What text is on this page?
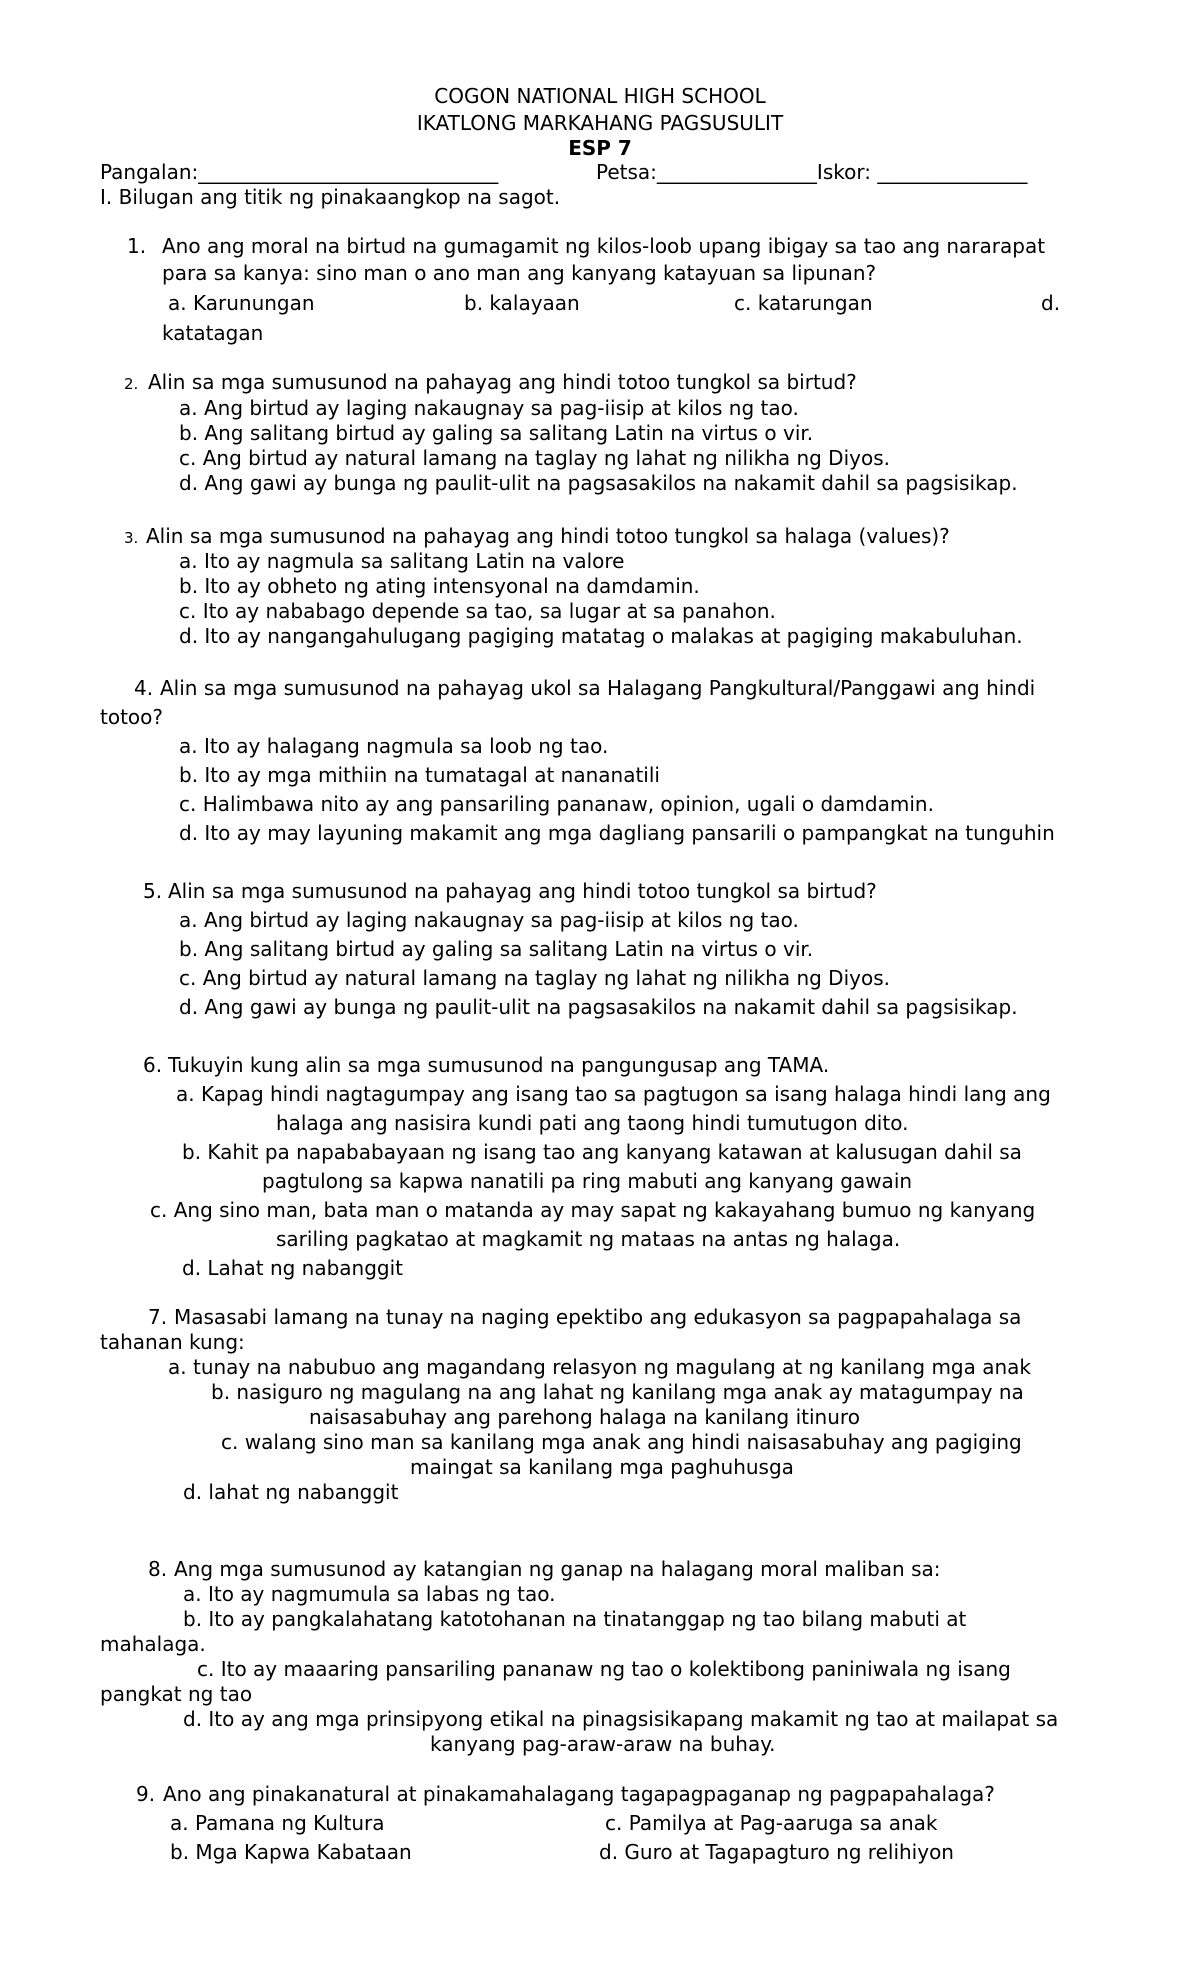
COGON NATIONAL HIGH SCHOOL
IKATLONG MARKAHANG PAGSUSULIT
ESP 7
Pangalan:______________________________	Petsa:________________Iskor: _______________
I. Bilugan ang titik ng pinakaangkop na sagot.
1. Ano ang moral na birtud na gumagamit ng kilos-loob upang ibigay sa tao ang nararapat
para sa kanya: sino man o ano man ang kanyang katayuan sa lipunan?
a. Karunungan	b. kalayaan	c. katarungan	d.
katatagan
2. Alin sa mga sumusunod na pahayag ang hindi totoo tungkol sa birtud?
a. Ang birtud ay laging nakaugnay sa pag-iisip at kilos ng tao.
b. Ang salitang birtud ay galing sa salitang Latin na virtus o vir.
c. Ang birtud ay natural lamang na taglay ng lahat ng nilikha ng Diyos.
d. Ang gawi ay bunga ng paulit-ulit na pagsasakilos na nakamit dahil sa pagsisikap.
3. Alin sa mga sumusunod na pahayag ang hindi totoo tungkol sa halaga (values)?
a. Ito ay nagmula sa salitang Latin na valore
b. Ito ay obheto ng ating intensyonal na damdamin.
c. Ito ay nababago depende sa tao, sa lugar at sa panahon.
d. Ito ay nangangahulugang pagiging matatag o malakas at pagiging makabuluhan.
4. Alin sa mga sumusunod na pahayag ukol sa Halagang Pangkultural/Panggawi ang hindi
totoo?
a. Ito ay halagang nagmula sa loob ng tao.
b. Ito ay mga mithiin na tumatagal at nananatili
c. Halimbawa nito ay ang pansariling pananaw, opinion, ugali o damdamin.
d. Ito ay may layuning makamit ang mga dagliang pansarili o pampangkat na tunguhin
5. Alin sa mga sumusunod na pahayag ang hindi totoo tungkol sa birtud?
a. Ang birtud ay laging nakaugnay sa pag-iisip at kilos ng tao.
b. Ang salitang birtud ay galing sa salitang Latin na virtus o vir.
c. Ang birtud ay natural lamang na taglay ng lahat ng nilikha ng Diyos.
d. Ang gawi ay bunga ng paulit-ulit na pagsasakilos na nakamit dahil sa pagsisikap.
6. Tukuyin kung alin sa mga sumusunod na pangungusap ang TAMA.
a. Kapag hindi nagtagumpay ang isang tao sa pagtugon sa isang halaga hindi lang ang
halaga ang nasisira kundi pati ang taong hindi tumutugon dito.
b. Kahit pa napababayaan ng isang tao ang kanyang katawan at kalusugan dahil sa
pagtulong sa kapwa nanatili pa ring mabuti ang kanyang gawain
c. Ang sino man, bata man o matanda ay may sapat ng kakayahang bumuo ng kanyang
sariling pagkatao at magkamit ng mataas na antas ng halaga.
d. Lahat ng nabanggit
7. Masasabi lamang na tunay na naging epektibo ang edukasyon sa pagpapahalaga sa
tahanan kung:
a. tunay na nabubuo ang magandang relasyon ng magulang at ng kanilang mga anak
b. nasiguro ng magulang na ang lahat ng kanilang mga anak ay matagumpay na
naisasabuhay ang parehong halaga na kanilang itinuro
c. walang sino man sa kanilang mga anak ang hindi naisasabuhay ang pagiging
maingat sa kanilang mga paghuhusga
d. lahat ng nabanggit
8. Ang mga sumusunod ay katangian ng ganap na halagang moral maliban sa:
a. Ito ay nagmumula sa labas ng tao.
b. Ito ay pangkalahatang katotohanan na tinatanggap ng tao bilang mabuti at
mahalaga.
c. Ito ay maaaring pansariling pananaw ng tao o kolektibong paniniwala ng isang
pangkat ng tao
d. Ito ay ang mga prinsipyong etikal na pinagsisikapang makamit ng tao at mailapat sa
kanyang pag-araw-araw na buhay.
9. Ano ang pinakanatural at pinakamahalagang tagapagpaganap ng pagpapahalaga?
a. Pamana ng Kultura	c. Pamilya at Pag-aaruga sa anak
b. Mga Kapwa Kabataan	d. Guro at Tagapagturo ng relihiyon
